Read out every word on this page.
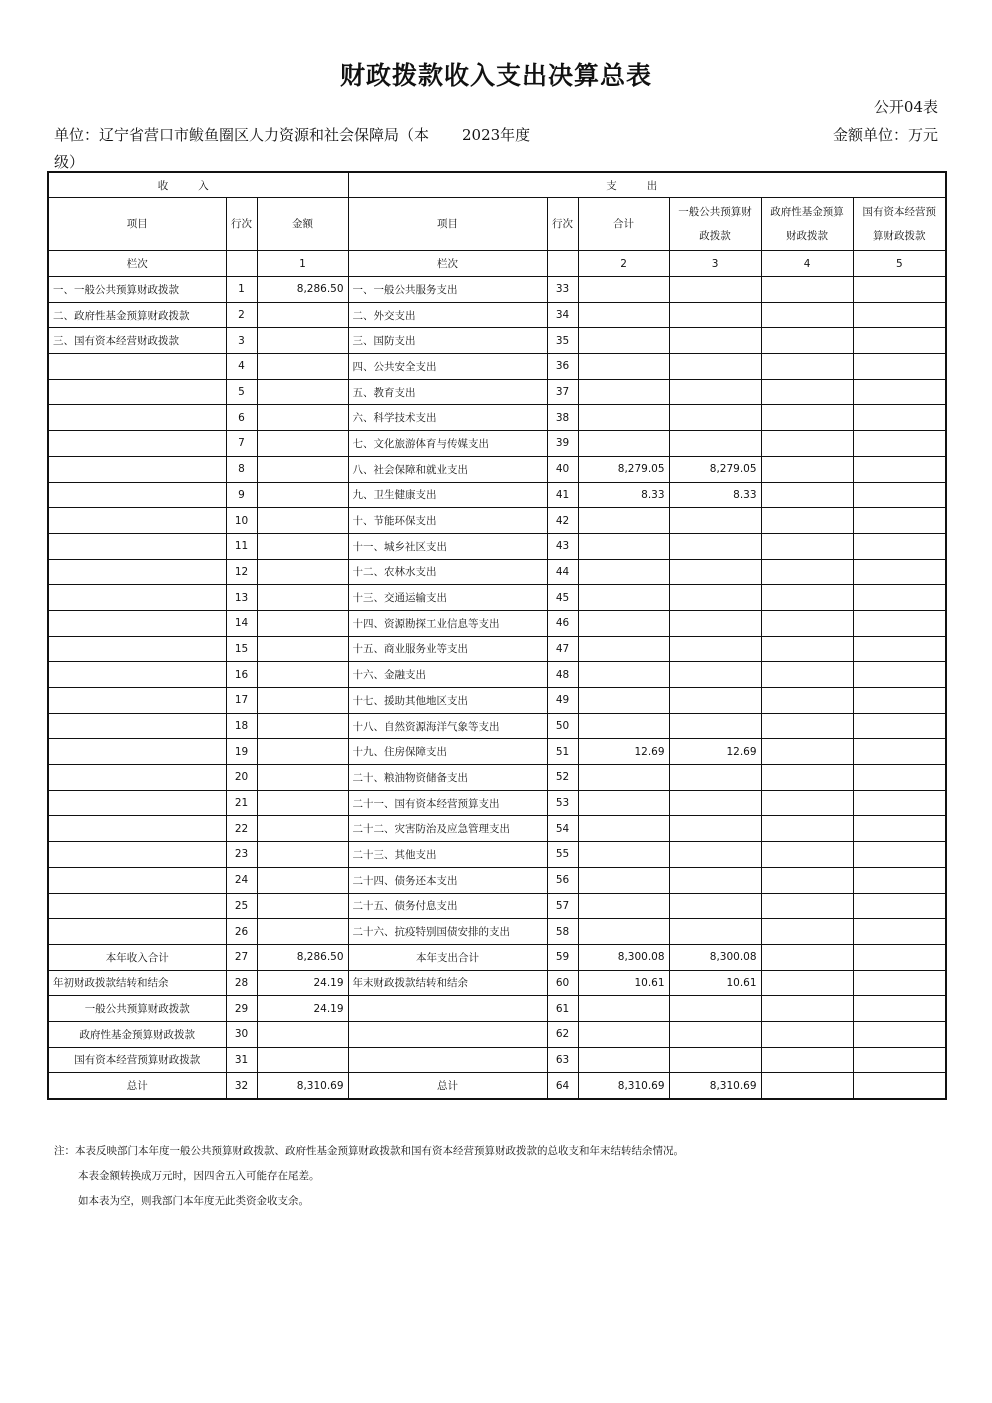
财政拨款收入支出决算总表
公开04表
单位：辽宁省营口市鲅鱼圈区人力资源和社会保障局（本级）
2023年度	金额单位：万元
收入			支出					
项目	行次	金额	项目	行次	合计	一般公共预算财政拨款	政府性基金预算财政拨款	国有资本经营预算财政拨款
栏次		1	栏次		2	3	4	5
一、一般公共预算财政拨款	1	8,286.50	一、一般公共服务支出	33				
二、政府性基金预算财政拨款	2		二、外交支出	34				
三、国有资本经营财政拨款	3		三、国防支出	35				
	4		四、公共安全支出	36				
	5		五、教育支出	37				
	6		六、科学技术支出	38				
	7		七、文化旅游体育与传媒支出	39				
	8		八、社会保障和就业支出	40	8,279.05	8,279.05		
	9		九、卫生健康支出	41	8.33	8.33		
	10		十、节能环保支出	42				
	11		十一、城乡社区支出	43				
	12		十二、农林水支出	44				
	13		十三、交通运输支出	45				
	14		十四、资源勘探工业信息等支出	46				
	15		十五、商业服务业等支出	47				
	16		十六、金融支出	48				
	17		十七、援助其他地区支出	49				
	18		十八、自然资源海洋气象等支出	50				
	19		十九、住房保障支出	51	12.69	12.69		
	20		二十、粮油物资储备支出	52				
	21		二十一、国有资本经营预算支出	53				
	22		二十二、灾害防治及应急管理支出	54				
	23		二十三、其他支出	55				
	24		二十四、债务还本支出	56				
	25		二十五、债务付息支出	57				
	26		二十六、抗疫特别国债安排的支出	58				
本年收入合计	27	8,286.50	本年支出合计	59	8,300.08	8,300.08		
年初财政拨款结转和结余	28	24.19	年末财政拨款结转和结余	60	10.61	10.61		
一般公共预算财政拨款	29	24.19		61				
政府性基金预算财政拨款	30			62				
国有资本经营预算财政拨款	31			63				
总计	32	8,310.69	总计	64	8,310.69	8,310.69		
注：本表反映部门本年度一般公共预算财政拨款、政府性基金预算财政拨款和国有资本经营预算财政拨款的总收支和年末结转结余情况。
本表金额转换成万元时，因四舍五入可能存在尾差。
如本表为空，则我部门本年度无此类资金收支余。
